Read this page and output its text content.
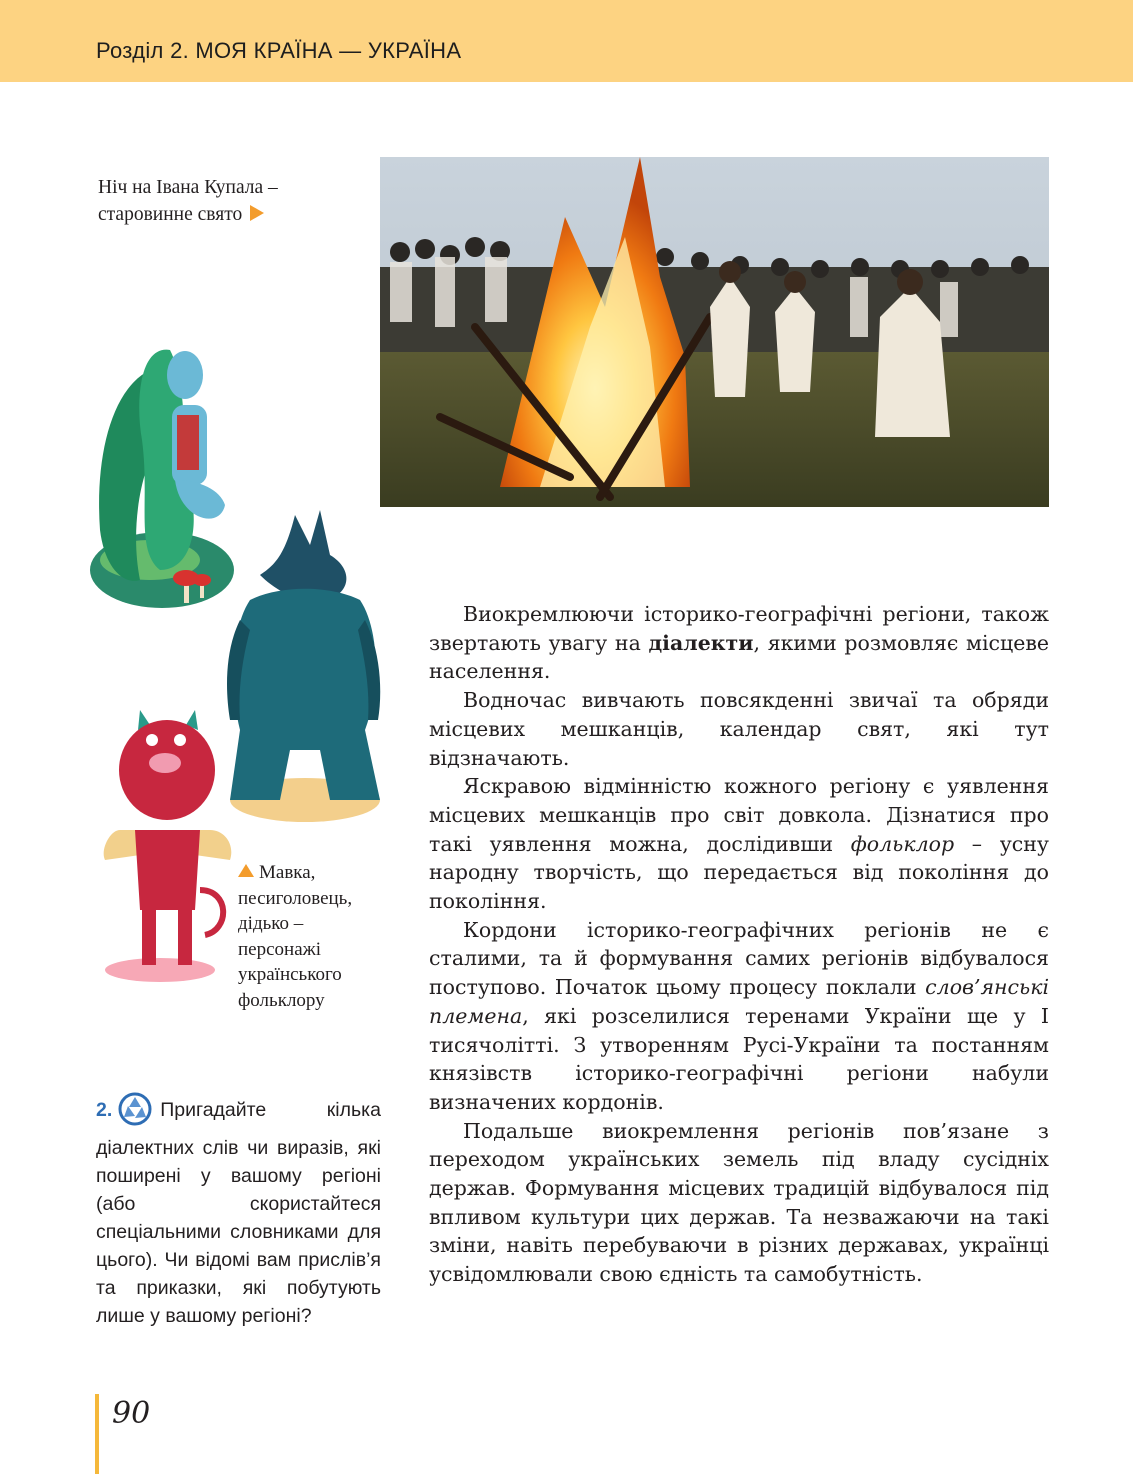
Розділ 2. МОЯ КРАЇНА — УКРАЇНА
Ніч на Івана Купала –
старовинне свято
Мавка,
песиголовець,
дідько –
персонажі
українського
фольклору
2. Пригадайте кілька діалектних слів чи виразів, які поширені у вашому регіоні (або скористайтеся спеціальними словниками для цього). Чи відомі вам прислів’я та приказки, які побутують лише у вашому регіоні?

Виокремлюючи історико-географічні регіони, також звертають увагу на діалекти, якими розмовляє місцеве населення.

Водночас вивчають повсякденні звичаї та обряди місцевих мешканців, календар свят, які тут відзначають.

Яскравою відмінністю кожного регіону є уявлення місцевих мешканців про світ довкола. Дізнатися про такі уявлення можна, дослідивши фольклор – усну народну творчість, що передається від покоління до покоління.

Кордони історико-географічних регіонів не є сталими, та й формування самих регіонів відбувалося поступово. Початок цьому процесу поклали слов’янські племена, які розселилися теренами України ще у І тисячолітті. З утворенням Русі-України та постанням князівств історико-географічні регіони набули визначених кордонів.

Подальше виокремлення регіонів пов’язане з переходом українських земель під владу сусідніх держав. Формування місцевих традицій відбувалося під впливом культури цих держав. Та незважаючи на такі зміни, навіть перебуваючи в різних державах, українці усвідомлювали свою єдність та самобутність.

90
